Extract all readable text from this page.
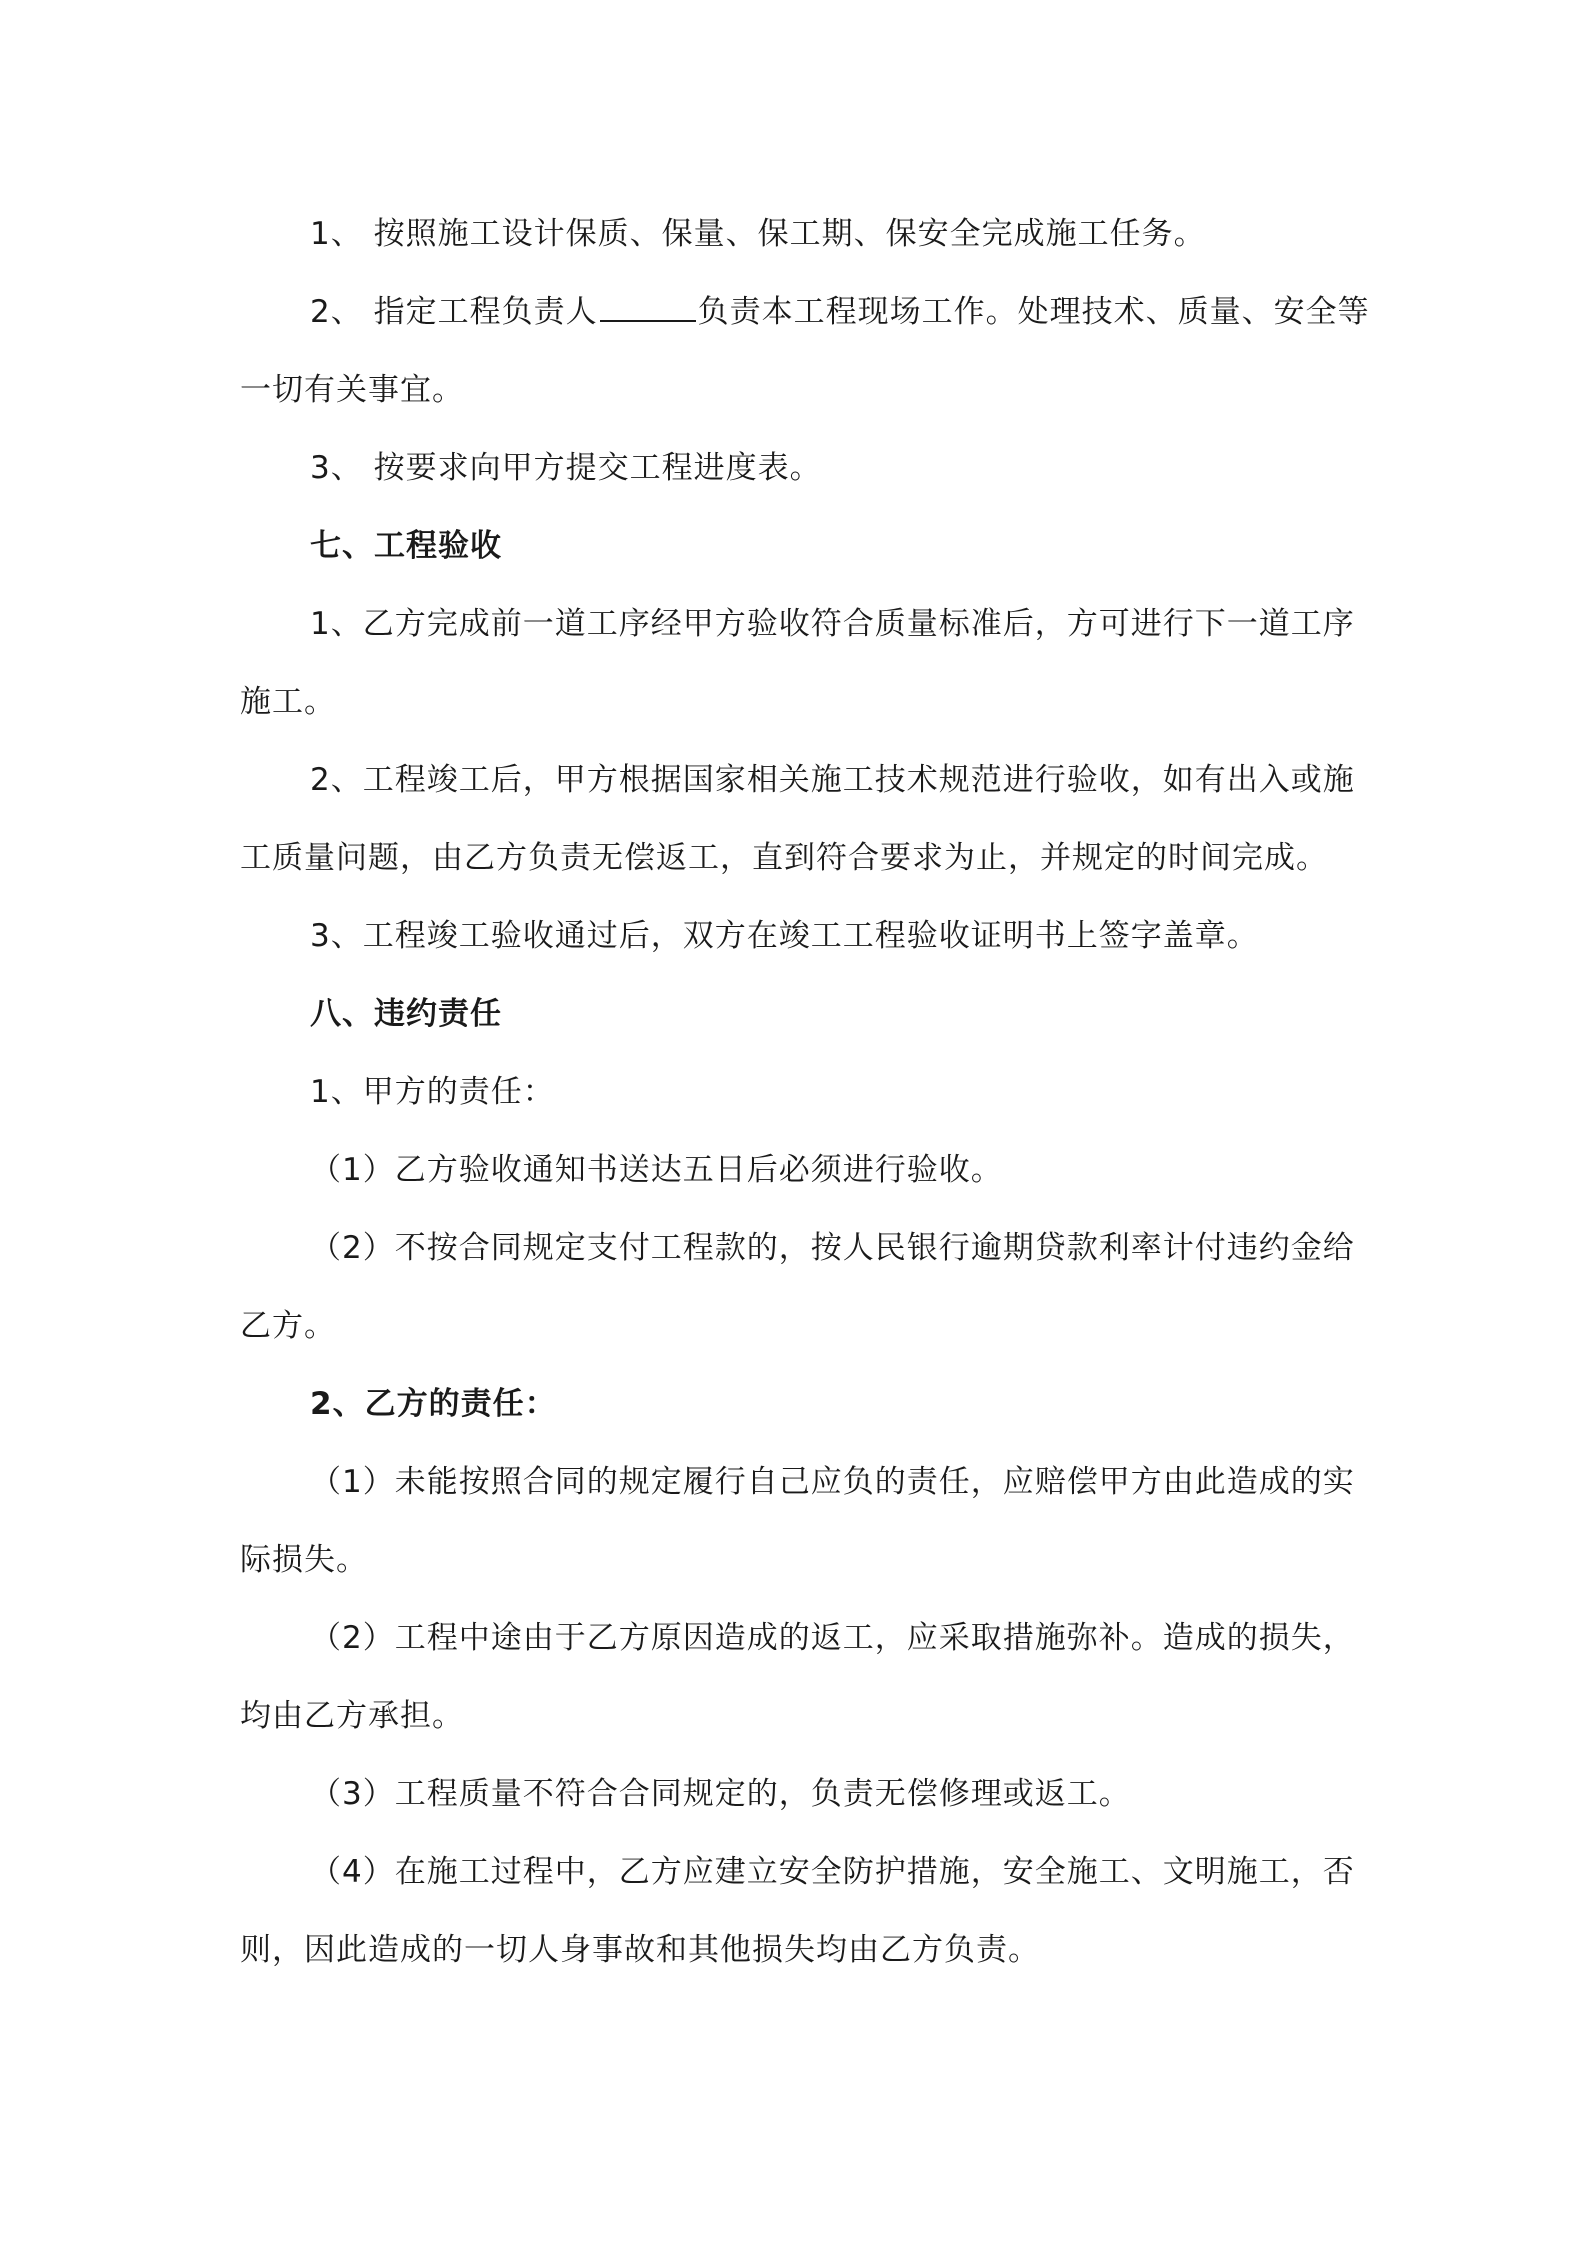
1、 按照施工设计保质、保量、保工期、保安全完成施工任务。

2、 指定工程负责人	负责本工程现场工作。处理技术、质量、安全等一切有关事宜。

3、 按要求向甲方提交工程进度表。

七、工程验收

1、乙方完成前一道工序经甲方验收符合质量标准后，方可进行下一道工序施工。

2、工程竣工后，甲方根据国家相关施工技术规范进行验收，如有出入或施工质量问题，由乙方负责无偿返工，直到符合要求为止，并规定的时间完成。

3、工程竣工验收通过后，双方在竣工工程验收证明书上签字盖章。

八、违约责任

1、甲方的责任：

（1）乙方验收通知书送达五日后必须进行验收。

（2）不按合同规定支付工程款的，按人民银行逾期贷款利率计付违约金给乙方。

2、乙方的责任：

（1）未能按照合同的规定履行自己应负的责任，应赔偿甲方由此造成的实际损失。

（2）工程中途由于乙方原因造成的返工，应采取措施弥补。造成的损失，均由乙方承担。

（3）工程质量不符合合同规定的，负责无偿修理或返工。

（4）在施工过程中，乙方应建立安全防护措施，安全施工、文明施工，否则，因此造成的一切人身事故和其他损失均由乙方负责。
